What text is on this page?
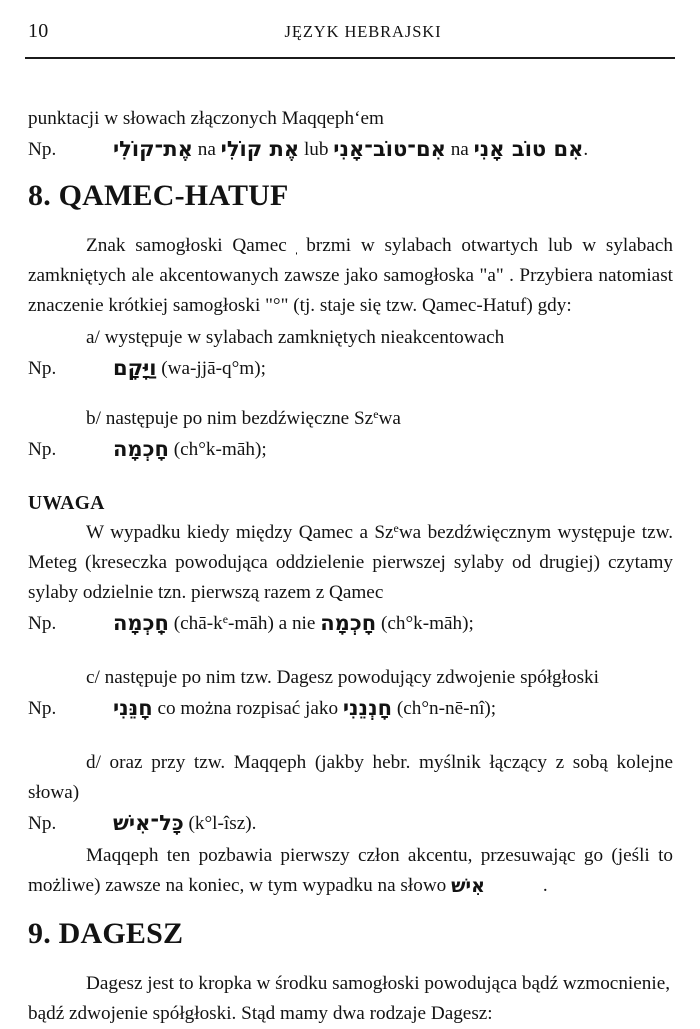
10	JĘZYK HEBRAJSKI
punktacji w słowach złączonych Maqqeph‘em
Np.	אֶת־קוֹלִי na אֶת קוֹלִי lub אִם־טוֹב־אָנִי na אִם טוֹב אָנִי.
8. QAMEC-HATUF

Znak samogłoski Qamec ֽ brzmi w sylabach otwartych lub w sylabach zamkniętych ale akcentowanych zawsze jako samogłoska "a" . Przybiera natomiast znaczenie krótkiej samogłoski "°" (tj. staje się tzw. Qamec-Hatuf) gdy:

a/ występuje w sylabach zamkniętych nieakcentowach
Np.	וַיָּקָם (wa-jjā-q°m);
b/ następuje po nim bezdźwięczne Sz$^e$wa
Np.	חָכְמָה (ch°k-māh);
UWAGA

W wypadku kiedy między Qamec a Sz$^e$wa bezdźwięcznym występuje tzw. Meteg (kreseczka powodująca oddzielenie pierwszej sylaby od drugiej) czytamy sylaby odzielnie tzn. pierwszą razem z Qamec

Np.	חָֽכְמָה $(chā-k^e-māh)$ a nie חָכְמָה (ch°k-māh);
c/ następuje po nim tzw. Dagesz powodujący zdwojenie spółgłoski
Np.	חָנֵּנִי co można rozpisać jako חָנְנֵנִי (ch°n-nē-nî);

d/ oraz przy tzw. Maqqeph (jakby hebr. myślnik łączący z sobą kolejne słowa)

Np.	כָּל־אִישׁ (k°l-îsz).

Maqqeph ten pozbawia pierwszy człon akcentu, przesuwając go (jeśli to możliwe) zawsze na koniec, w tym wypadku na słowo אִישׁ	.

9. DAGESZ

Dagesz jest to kropka w środku samogłoski powodująca bądź wzmocnienie, bądź zdwojenie spółgłoski. Stąd mamy dwa rodzaje Dagesz:
